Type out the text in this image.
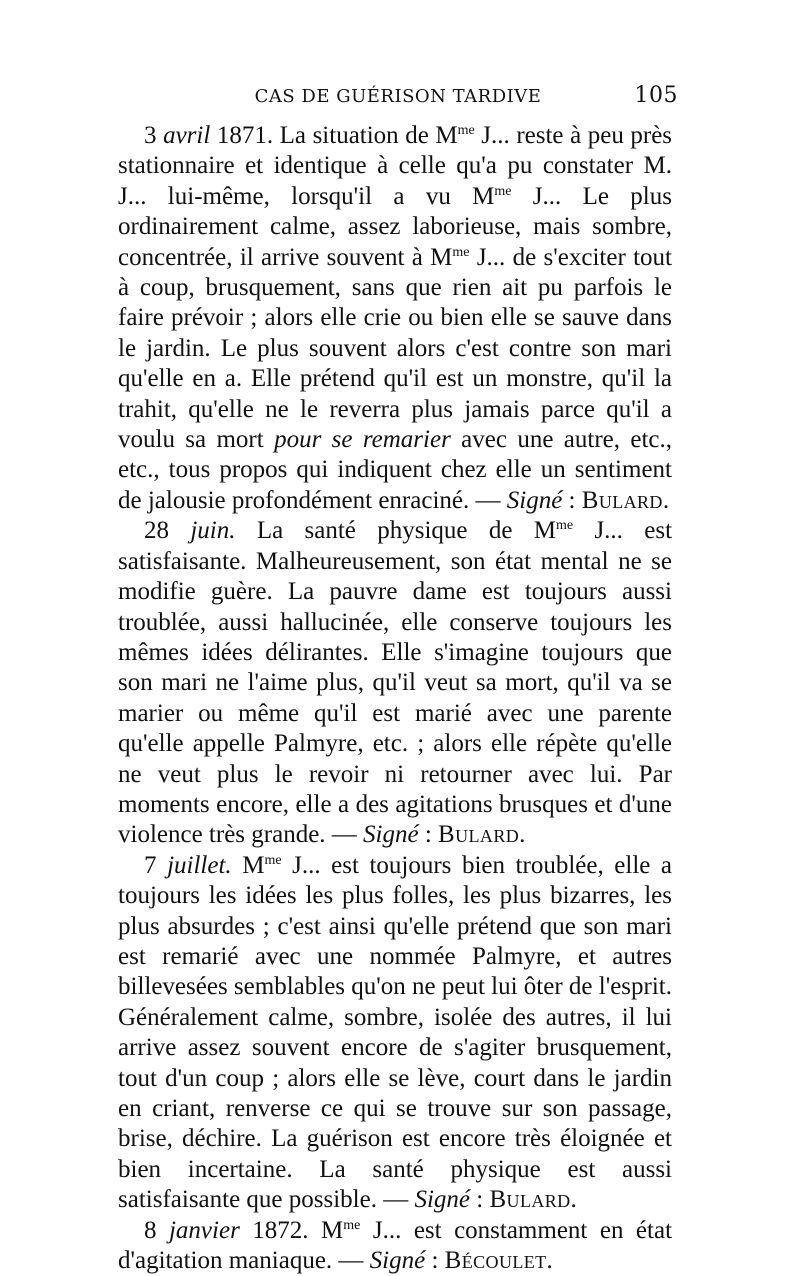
CAS DE GUÉRISON TARDIVE	105

3 avril 1871. La situation de $M^{me}$ J... reste à peu près stationnaire et identique à celle qu'a pu constater M. J... lui-même, lorsqu'il a vu $M^{me}$ J... Le plus ordinairement calme, assez laborieuse, mais sombre, concentrée, il arrive souvent à $M^{me}$ J... de s'exciter tout à coup, brusquement, sans que rien ait pu parfois le faire prévoir ; alors elle crie ou bien elle se sauve dans le jardin. Le plus souvent alors c'est contre son mari qu'elle en a. Elle prétend qu'il est un monstre, qu'il la trahit, qu'elle ne le reverra plus jamais parce qu'il a voulu sa mort pour se remarier avec une autre, etc., etc., tous propos qui indiquent chez elle un sentiment de jalousie profondément enraciné. — Signé : Bulard.

28 juin. La santé physique de $M^{me}$ J... est satisfaisante. Malheureusement, son état mental ne se modifie guère. La pauvre dame est toujours aussi troublée, aussi hallucinée, elle conserve toujours les mêmes idées délirantes. Elle s'imagine toujours que son mari ne l'aime plus, qu'il veut sa mort, qu'il va se marier ou même qu'il est marié avec une parente qu'elle appelle Palmyre, etc. ; alors elle répète qu'elle ne veut plus le revoir ni retourner avec lui. Par moments encore, elle a des agitations brusques et d'une violence très grande. — Signé : Bulard.

7 juillet. $M^{me}$ J... est toujours bien troublée, elle a toujours les idées les plus folles, les plus bizarres, les plus absurdes ; c'est ainsi qu'elle prétend que son mari est remarié avec une nommée Palmyre, et autres billevesées semblables qu'on ne peut lui ôter de l'esprit. Généralement calme, sombre, isolée des autres, il lui arrive assez souvent encore de s'agiter brusquement, tout d'un coup ; alors elle se lève, court dans le jardin en criant, renverse ce qui se trouve sur son passage, brise, déchire. La guérison est encore très éloignée et bien incertaine. La santé physique est aussi satisfaisante que possible. — Signé : Bulard.

8 janvier 1872. $M^{me}$ J... est constamment en état d'agitation maniaque. — Signé : Bécoulet.
